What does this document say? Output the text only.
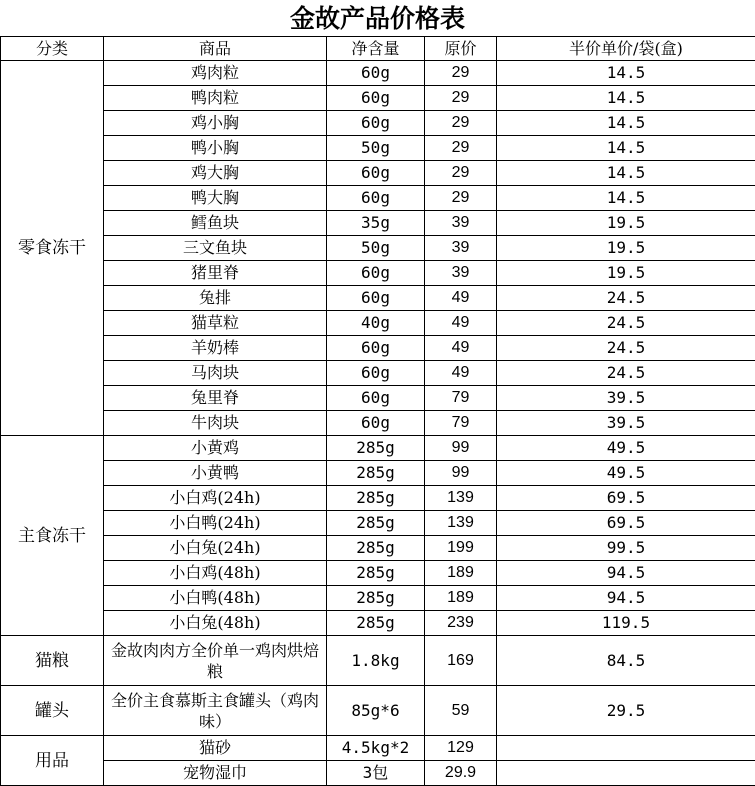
金故产品价格表
分类	商品	净含量	原价	半价单价/袋(盒)
零食冻干	鸡肉粒	60g	29	14.5
	鸭肉粒	60g	29	14.5
	鸡小胸	60g	29	14.5
	鸭小胸	50g	29	14.5
	鸡大胸	60g	29	14.5
	鸭大胸	60g	29	14.5
	鳕鱼块	35g	39	19.5
	三文鱼块	50g	39	19.5
	猪里脊	60g	39	19.5
	兔排	60g	49	24.5
	猫草粒	40g	49	24.5
	羊奶棒	60g	49	24.5
	马肉块	60g	49	24.5
	兔里脊	60g	79	39.5
	牛肉块	60g	79	39.5
主食冻干	小黄鸡	285g	99	49.5
	小黄鸭	285g	99	49.5
	小白鸡(24h)	285g	139	69.5
	小白鸭(24h)	285g	139	69.5
	小白兔(24h)	285g	199	99.5
	小白鸡(48h)	285g	189	94.5
	小白鸭(48h)	285g	189	94.5
	小白兔(48h)	285g	239	119.5
猫粮	金故肉肉方全价单一鸡肉烘焙粮	1.8kg	169	84.5
罐头	全价主食慕斯主食罐头（鸡肉味）	85g*6	59	29.5
用品	猫砂	4.5kg*2	129	
	宠物湿巾	3包	29.9	
